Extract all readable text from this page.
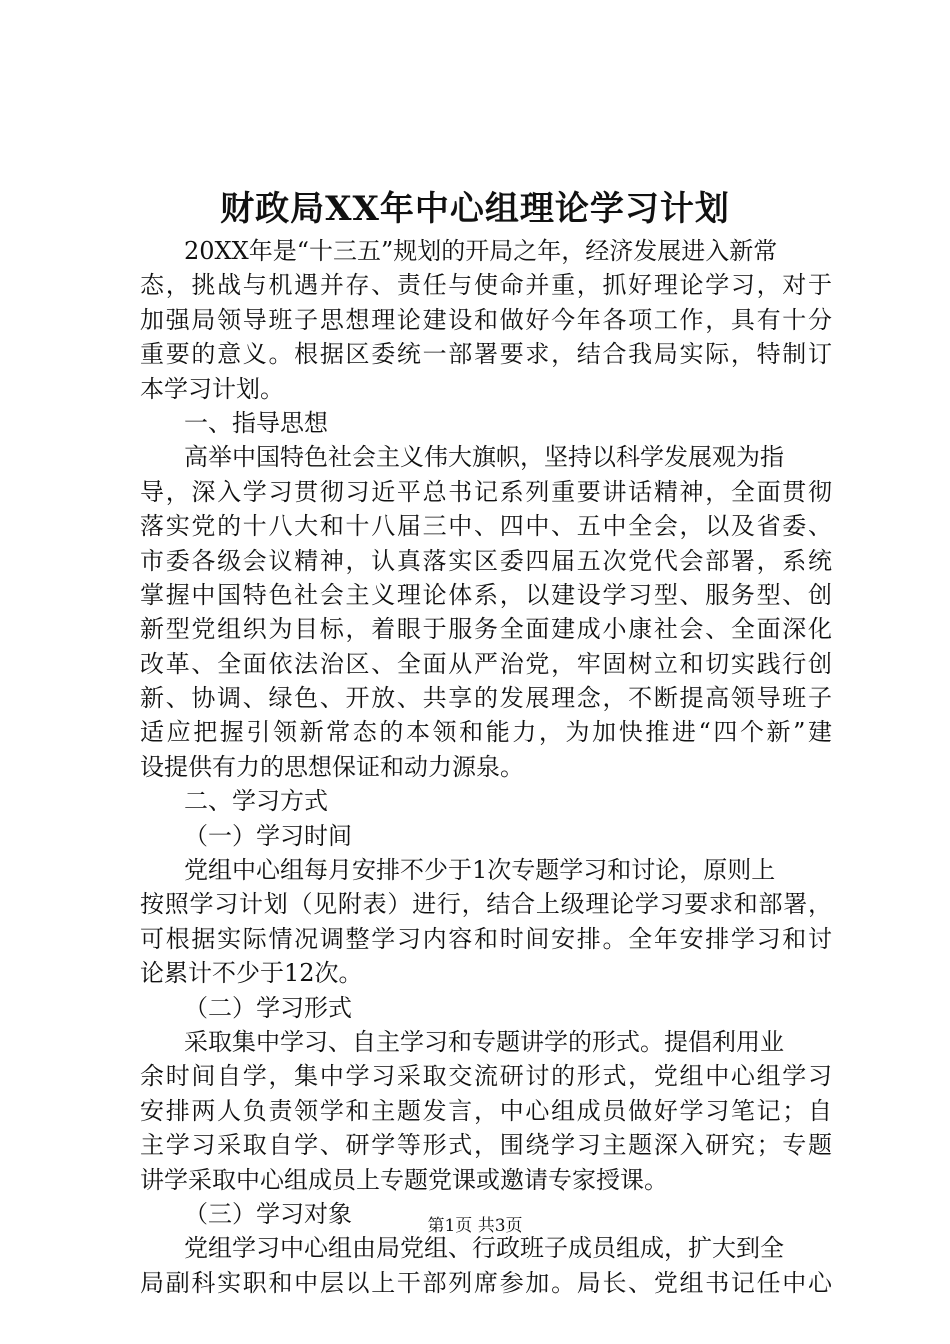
财政局XX年中心组理论学习计划
20XX年是“十三五”规划的开局之年，经济发展进入新常
态，挑战与机遇并存、责任与使命并重，抓好理论学习，对于
加强局领导班子思想理论建设和做好今年各项工作，具有十分
重要的意义。根据区委统一部署要求，结合我局实际，特制订
本学习计划。
一、指导思想
高举中国特色社会主义伟大旗帜，坚持以科学发展观为指
导，深入学习贯彻习近平总书记系列重要讲话精神，全面贯彻
落实党的十八大和十八届三中、四中、五中全会，以及省委、
市委各级会议精神，认真落实区委四届五次党代会部署，系统
掌握中国特色社会主义理论体系，以建设学习型、服务型、创
新型党组织为目标，着眼于服务全面建成小康社会、全面深化
改革、全面依法治区、全面从严治党，牢固树立和切实践行创
新、协调、绿色、开放、共享的发展理念，不断提高领导班子
适应把握引领新常态的本领和能力，为加快推进“四个新”建
设提供有力的思想保证和动力源泉。
二、学习方式
（一）学习时间
党组中心组每月安排不少于1次专题学习和讨论，原则上
按照学习计划（见附表）进行，结合上级理论学习要求和部署，
可根据实际情况调整学习内容和时间安排。全年安排学习和讨
论累计不少于12次。
（二）学习形式
采取集中学习、自主学习和专题讲学的形式。提倡利用业
余时间自学，集中学习采取交流研讨的形式，党组中心组学习
安排两人负责领学和主题发言，中心组成员做好学习笔记；自
主学习采取自学、研学等形式，围绕学习主题深入研究；专题
讲学采取中心组成员上专题党课或邀请专家授课。
（三）学习对象
党组学习中心组由局党组、行政班子成员组成，扩大到全
局副科实职和中层以上干部列席参加。局长、党组书记任中心
第1页 共3页
